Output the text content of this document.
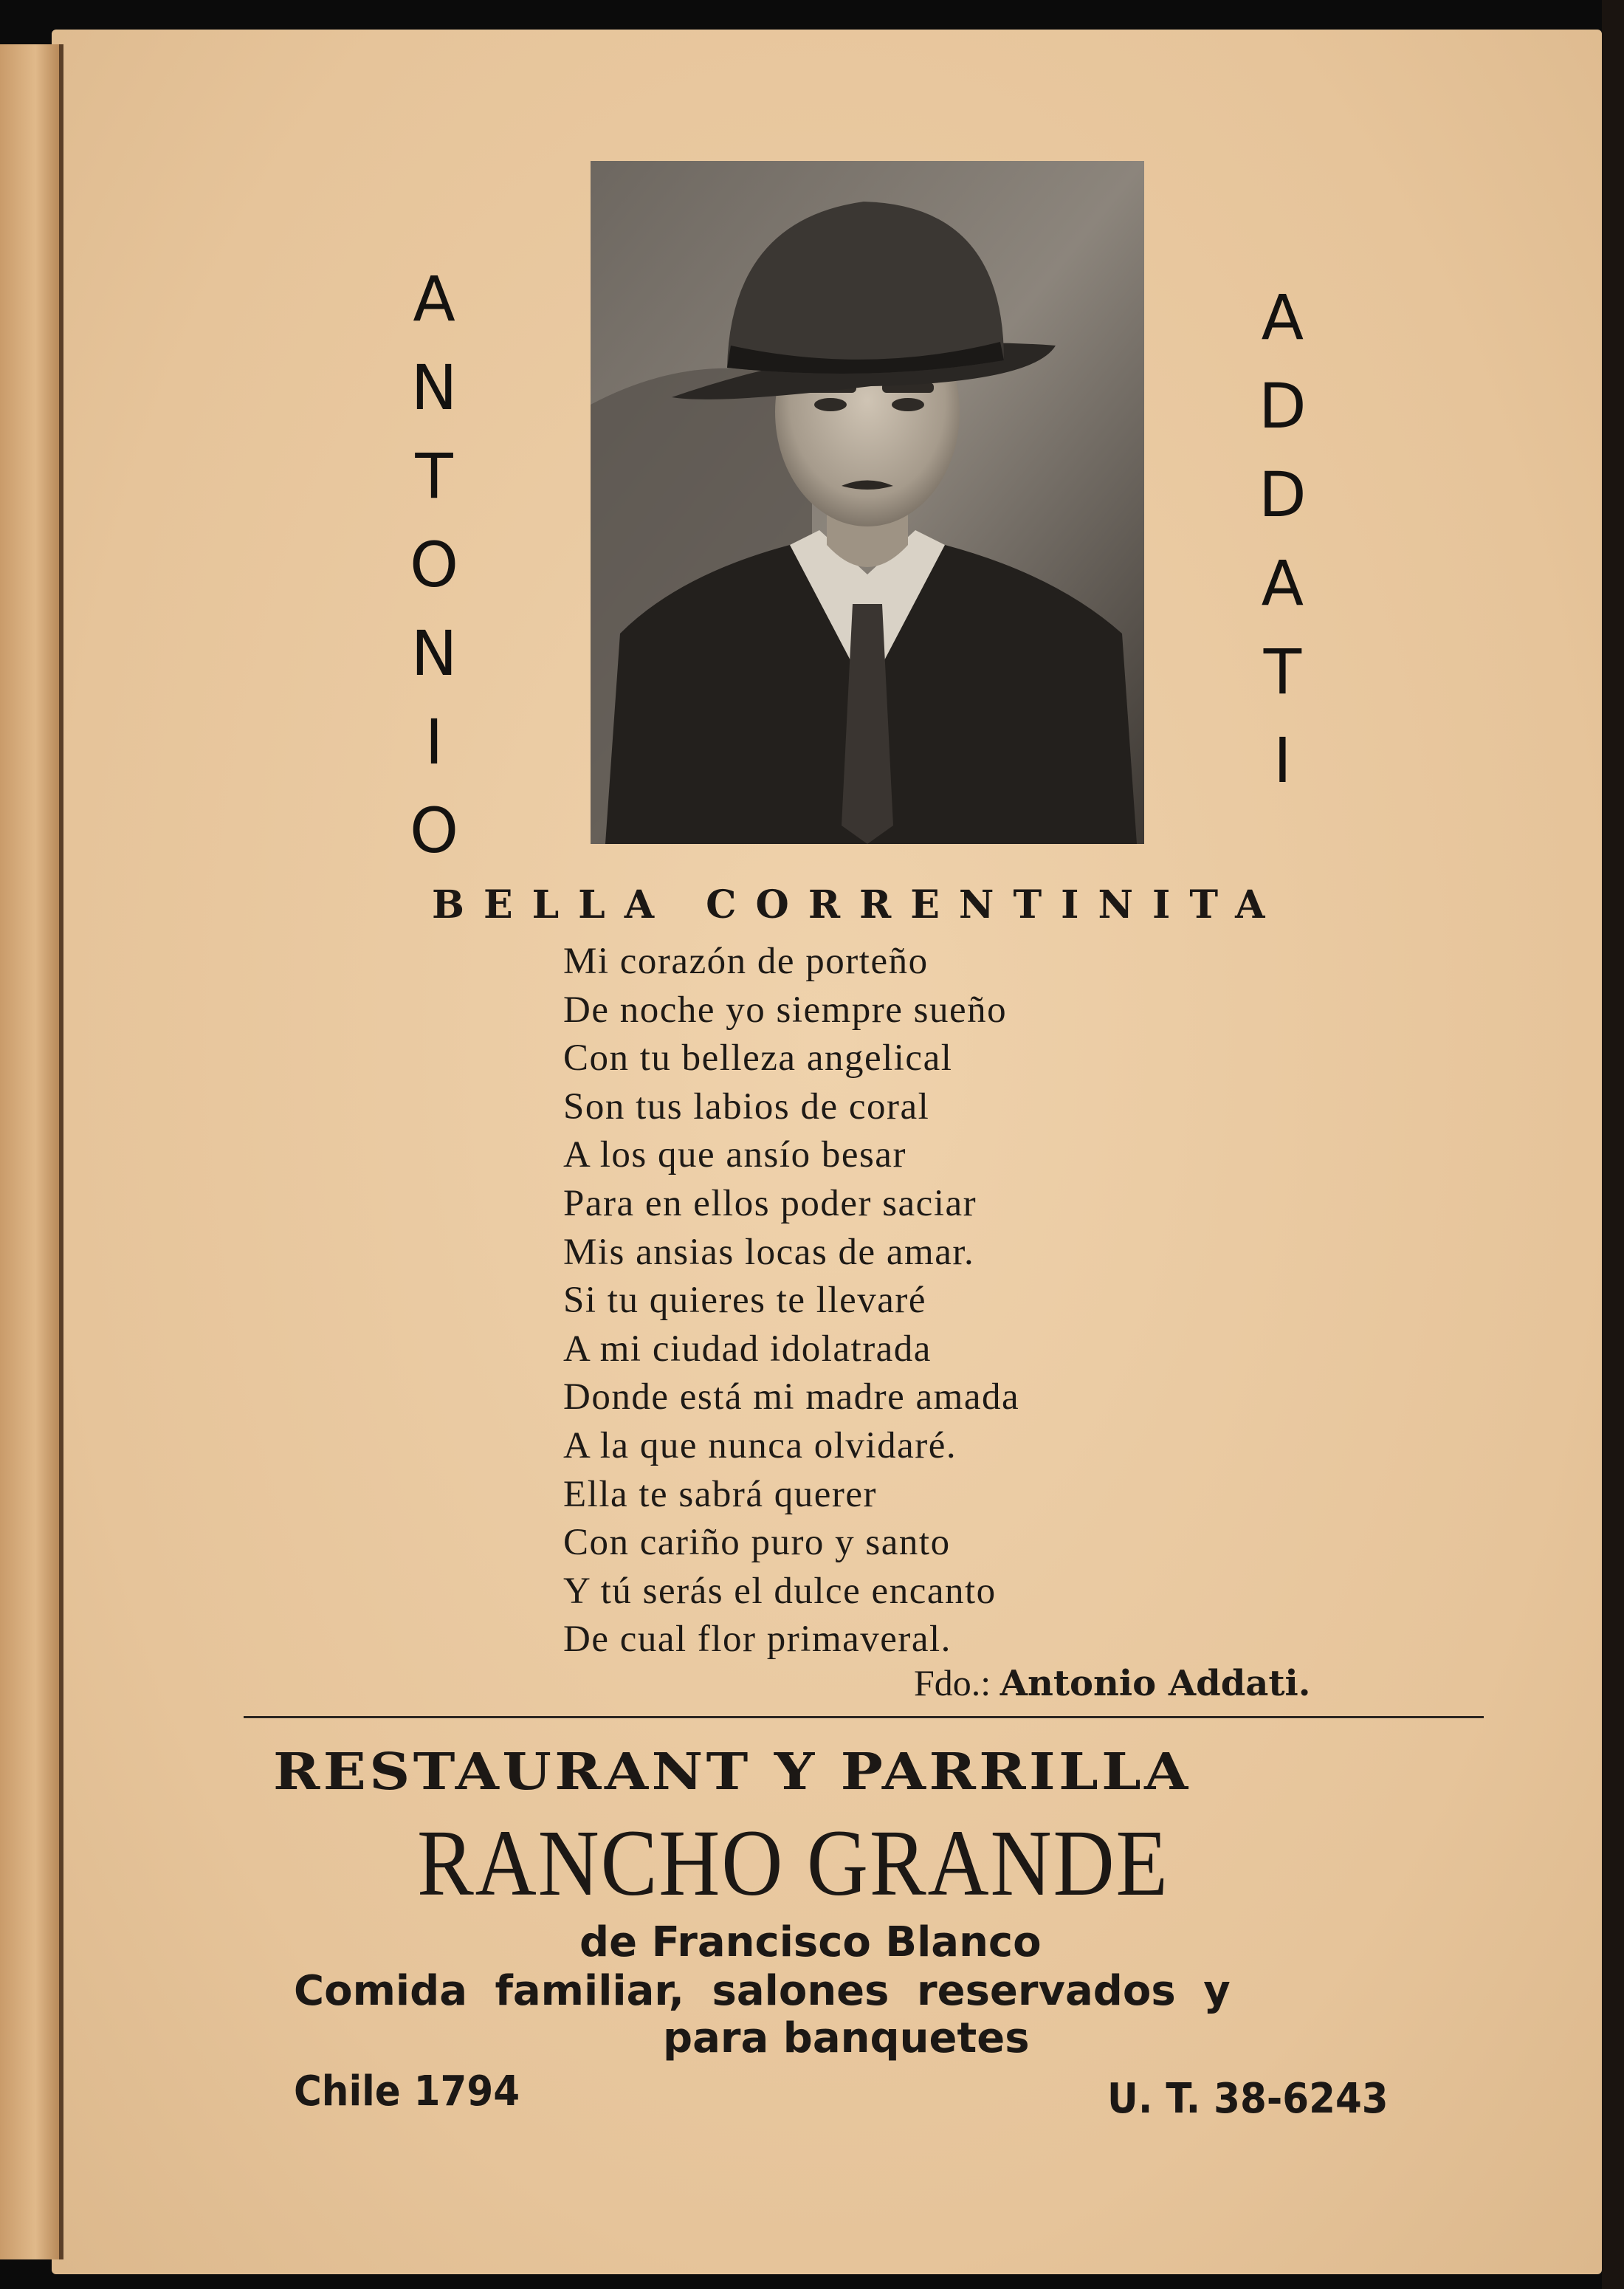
A
N
T
O
N
I
O
A
D
D
A
T
I
BELLA CORRENTINITA
Mi corazón de porteño
De noche yo siempre sueño
Con tu belleza angelical
Son tus labios de coral
A los que ansío besar
Para en ellos poder saciar
Mis ansias locas de amar.
Si tu quieres te llevaré
A mi ciudad idolatrada
Donde está mi madre amada
A la que nunca olvidaré.
Ella te sabrá querer
Con cariño puro y santo
Y tú serás el dulce encanto
De cual flor primaveral.
Fdo.: Antonio Addati.
RESTAURANT Y PARRILLA
RANCHO GRANDE
de Francisco Blanco
Comida familiar, salones reservados y
para banquetes
Chile 1794	U. T. 38-6243
